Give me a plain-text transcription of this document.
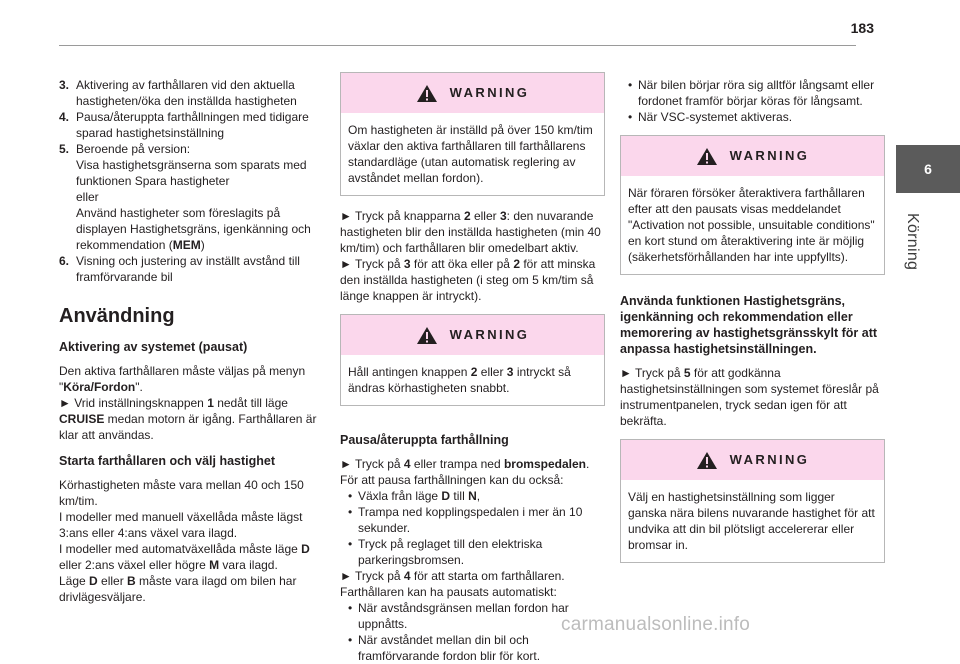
183
6
Körning
3. Aktivering av farthållaren vid den aktuella hastigheten/öka den inställda hastigheten
4. Pausa/återuppta farthållningen med tidigare sparad hastighetsinställning
5. Beroende på version:
Visa hastighetsgränserna som sparats med funktionen Spara hastigheter
eller
Använd hastigheter som föreslagits på displayen Hastighetsgräns, igenkänning och rekommendation (MEM)
6. Visning och justering av inställt avstånd till framförvarande bil
Användning
Aktivering av systemet (pausat)

Den aktiva farthållaren måste väljas på menyn "Köra/Fordon".

► Vrid inställningsknappen 1 nedåt till läge CRUISE medan motorn är igång. Farthållaren är klar att användas.

Starta farthållaren och välj hastighet

Körhastigheten måste vara mellan 40 och 150 km/tim.

I modeller med manuell växellåda måste lägst 3:ans eller 4:ans växel vara ilagd.

I modeller med automatväxellåda måste läge D eller 2:ans växel eller högre M vara ilagd.

Läge D eller B måste vara ilagd om bilen har drivlägesväljare.

WARNING
Om hastigheten är inställd på över 150 km/tim växlar den aktiva farthållaren till farthållarens standardläge (utan automatisk reglering av avståndet mellan fordon).

► Tryck på knapparna 2 eller 3: den nuvarande hastigheten blir den inställda hastigheten (min 40 km/tim) och farthållaren blir omedelbart aktiv.

► Tryck på 3 för att öka eller på 2 för att minska den inställda hastigheten (i steg om 5 km/tim så länge knappen är intryckt).

WARNING
Håll antingen knappen 2 eller 3 intryckt så ändras körhastigheten snabbt.
Pausa/återuppta farthållning

► Tryck på 4 eller trampa ned bromspedalen.

För att pausa farthållningen kan du också:

• Växla från läge D till N,
• Trampa ned kopplingspedalen i mer än 10 sekunder.
• Tryck på reglaget till den elektriska parkeringsbromsen.

► Tryck på 4 för att starta om farthållaren.

Farthållaren kan ha pausats automatiskt:

• När avståndsgränsen mellan fordon har uppnåtts.
• När avståndet mellan din bil och framförvarande fordon blir för kort.
• När bilen börjar röra sig alltför långsamt eller fordonet framför börjar köras för långsamt.
• När VSC-systemet aktiveras.
WARNING
När föraren försöker återaktivera farthållaren efter att den pausats visas meddelandet "Activation not possible, unsuitable conditions" en kort stund om återaktivering inte är möjlig (säkerhetsförhållanden har inte uppfyllts).
Använda funktionen Hastighetsgräns, igenkänning och rekommendation eller memorering av hastighetsgränsskylt för att anpassa hastighetsinställningen.

► Tryck på 5 för att godkänna hastighetsinställningen som systemet föreslår på instrumentpanelen, tryck sedan igen för att bekräfta.

WARNING
Välj en hastighetsinställning som ligger ganska nära bilens nuvarande hastighet för att undvika att din bil plötsligt accelererar eller bromsar in.
carmanualsonline.info
